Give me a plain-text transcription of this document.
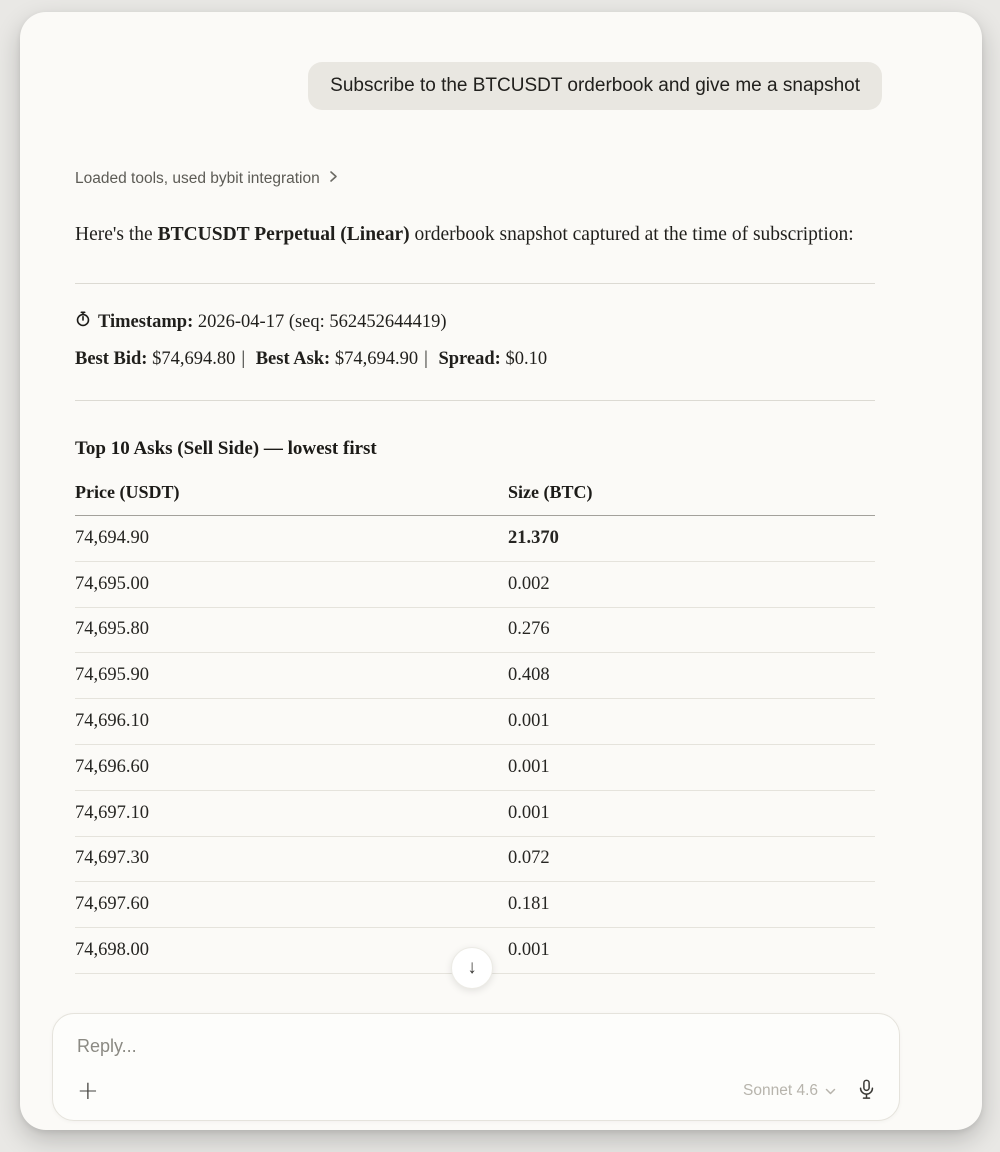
Subscribe to the BTCUSDT orderbook and give me a snapshot
Loaded tools, used bybit integration

Here's the BTCUSDT Perpetual (Linear) orderbook snapshot captured at the time of subscription:

Timestamp: 2026-04-17 (seq: 562452644419)
Best Bid: $74,694.80 | Best Ask: $74,694.90 | Spread: $0.10
Top 10 Asks (Sell Side) — lowest first
Price (USDT)	Size (BTC)
74,694.90	21.370
74,695.00	0.002
74,695.80	0.276
74,695.90	0.408
74,696.10	0.001
74,696.60	0.001
74,697.10	0.001
74,697.30	0.072
74,697.60	0.181
74,698.00	0.001
↓
Reply...
+	Sonnet 4.6
